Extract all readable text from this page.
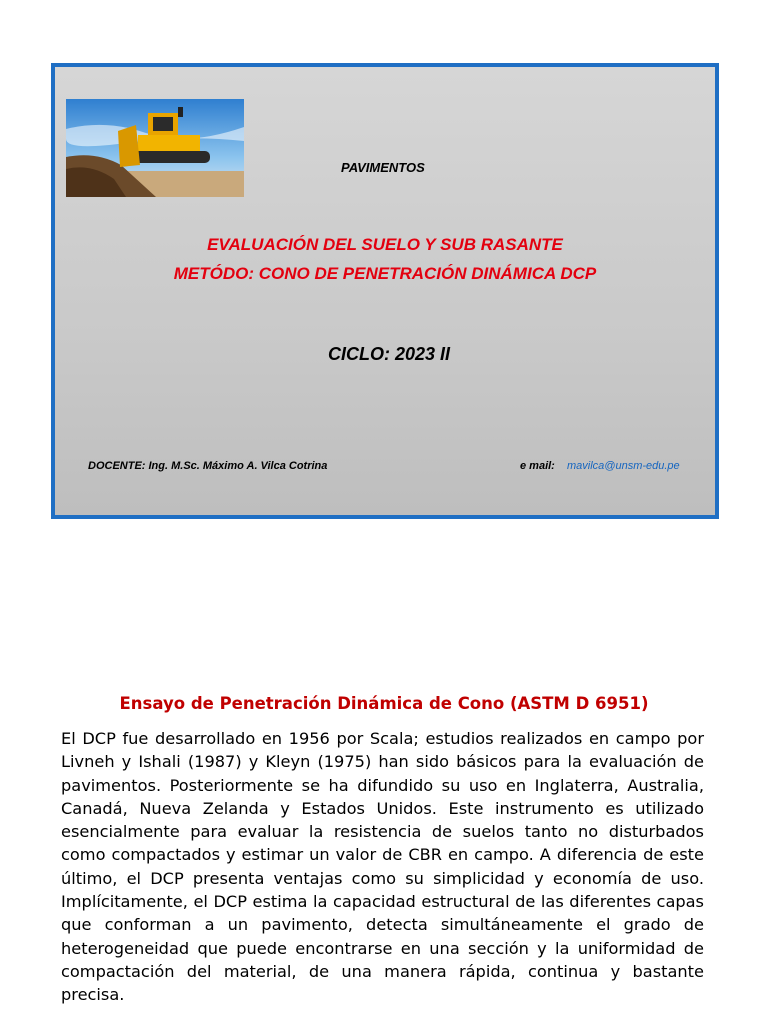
PAVIMENTOS
EVALUACIÓN DEL SUELO Y SUB RASANTE
METÓDO: CONO DE PENETRACIÓN DINÁMICA DCP
CICLO: 2023 II
DOCENTE: Ing. M.Sc. Máximo A. Vilca Cotrina	e mail: mavilca@unsm-edu.pe
Ensayo de Penetración Dinámica de Cono (ASTM D 6951)
El DCP fue desarrollado en 1956 por Scala; estudios realizados en campo por Livneh y Ishali (1987) y Kleyn (1975) han sido básicos para la evaluación de pavimentos. Posteriormente se ha difundido su uso en Inglaterra, Australia, Canadá, Nueva Zelanda y Estados Unidos. Este instrumento es utilizado esencialmente para evaluar la resistencia de suelos tanto no disturbados como compactados y estimar un valor de CBR en campo. A diferencia de este último, el DCP presenta ventajas como su simplicidad y economía de uso. Implícitamente, el DCP estima la capacidad estructural de las diferentes capas que conforman a un pavimento, detecta simultáneamente el grado de heterogeneidad que puede encontrarse en una sección y la uniformidad de compactación del material, de una manera rápida, continua y bastante precisa.
